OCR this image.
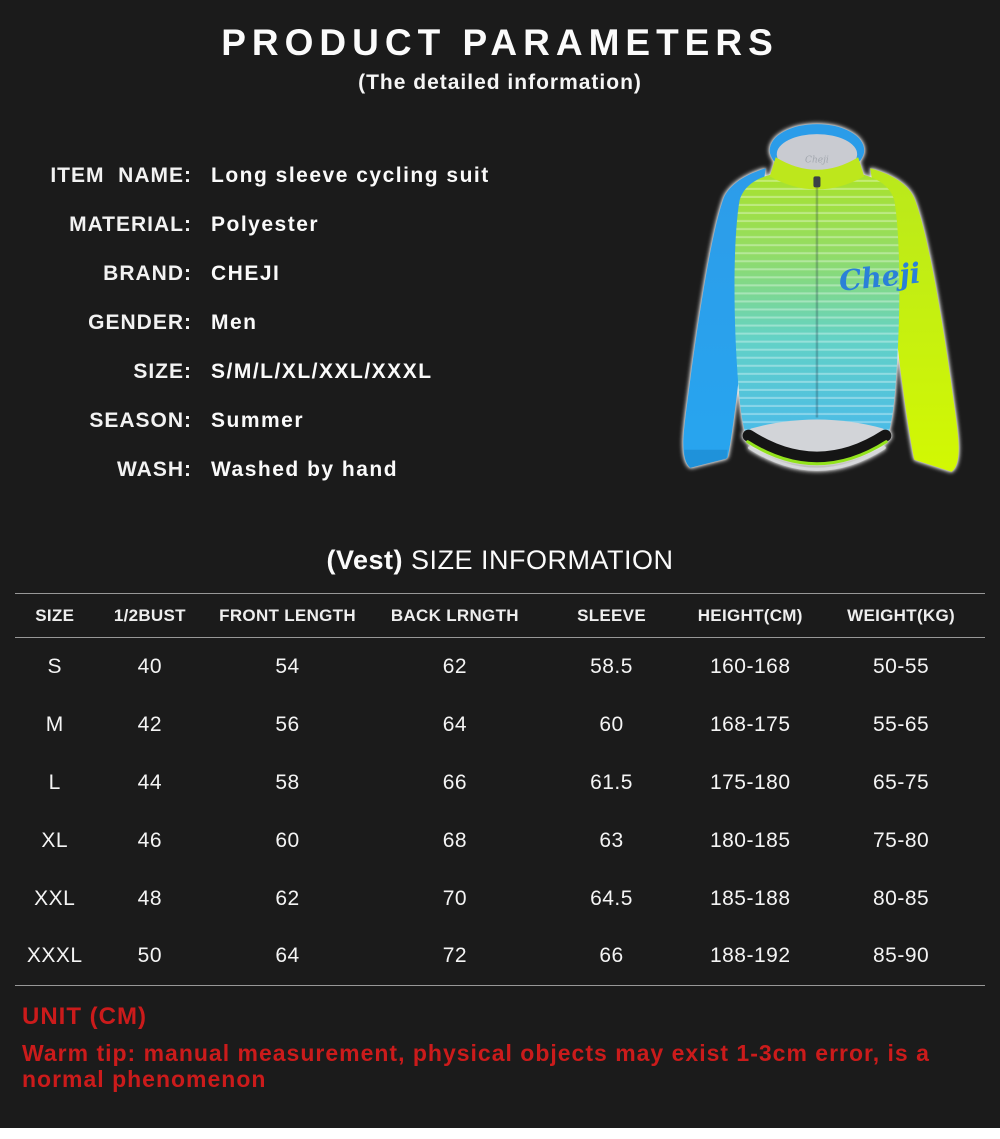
PRODUCT PARAMETERS
(The detailed information)
ITEM  NAME: Long sleeve cycling suit
MATERIAL: Polyester
BRAND: CHEJI
GENDER: Men
SIZE: S/M/L/XL/XXL/XXXL
SEASON: Summer
WASH: Washed by hand
Cheji
Cheji
(Vest) SIZE INFORMATION
SIZE	1/2BUST	FRONT LENGTH	BACK LRNGTH	SLEEVE	HEIGHT(CM)	WEIGHT(KG)
S	40	54	62	58.5	160-168	50-55
M	42	56	64	60	168-175	55-65
L	44	58	66	61.5	175-180	65-75
XL	46	60	68	63	180-185	75-80
XXL	48	62	70	64.5	185-188	80-85
XXXL	50	64	72	66	188-192	85-90
UNIT (CM)
Warm tip: manual measurement, physical objects may exist 1-3cm error, is a normal phenomenon
